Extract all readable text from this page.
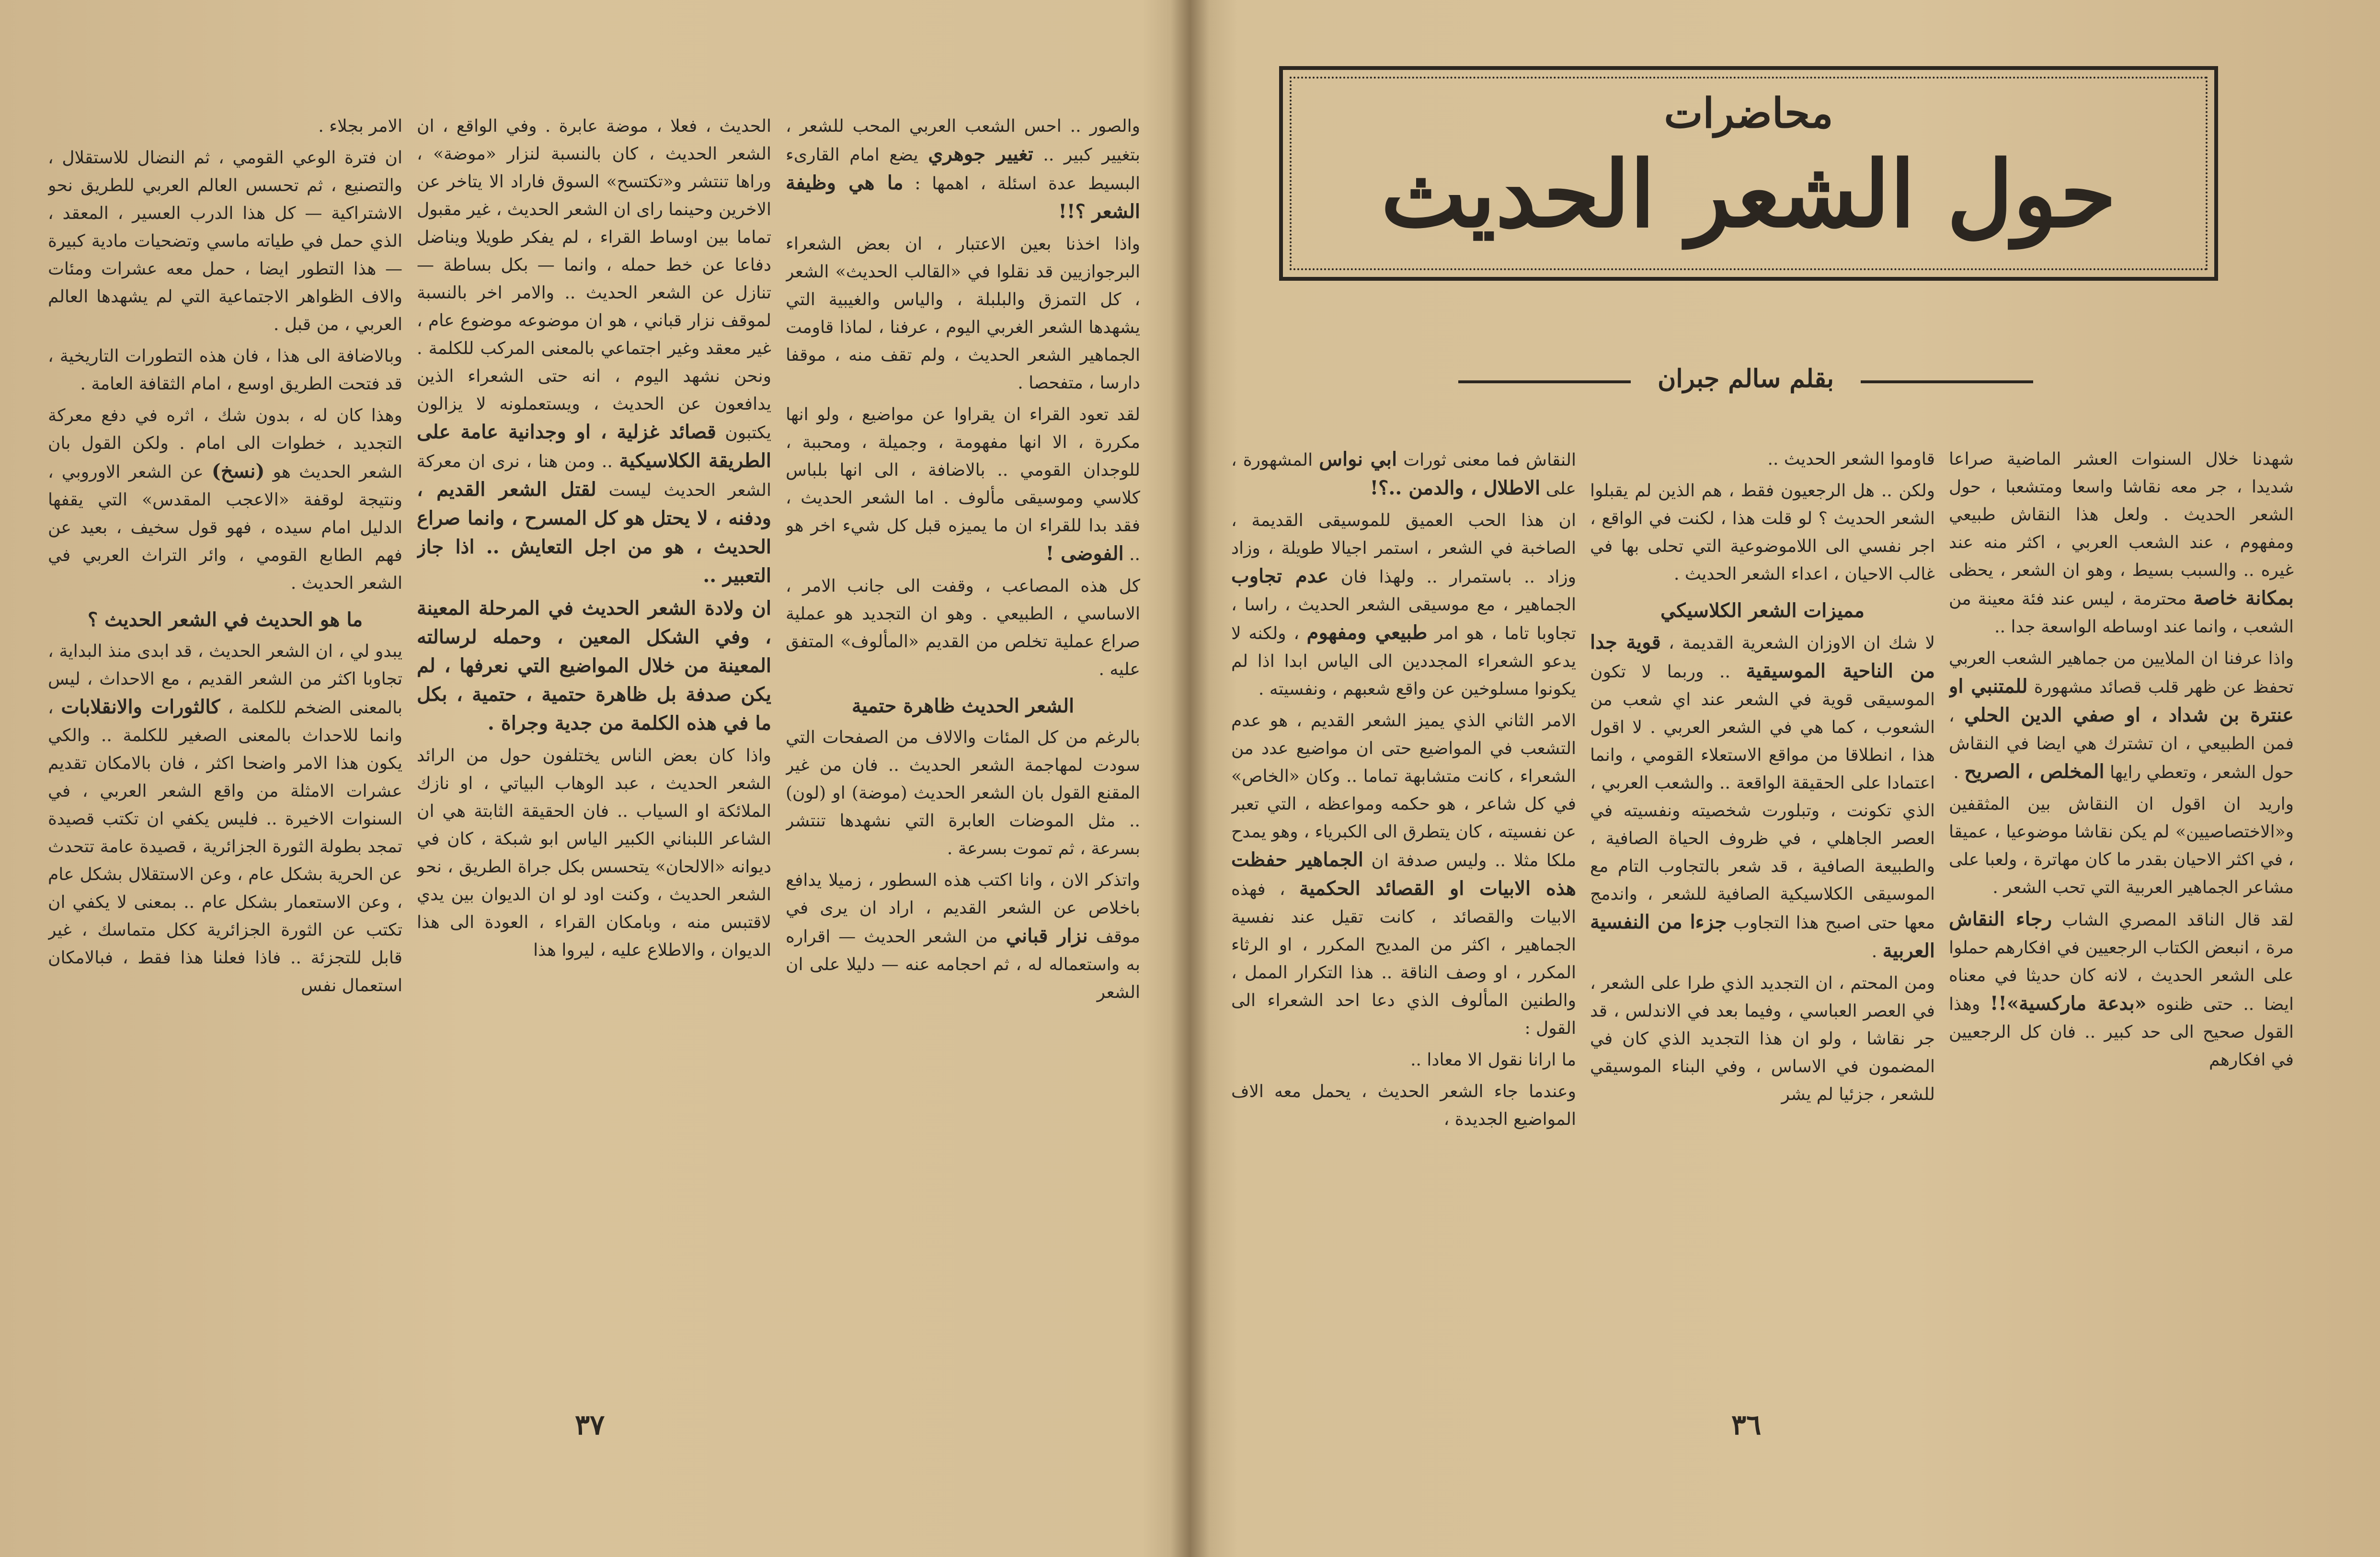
والصور .. احس الشعب العربي المحب للشعر ، بتغيير كبير .. تغيير جوهري يضع امام القارىء البسيط عدة اسئلة ، اهمها : ما هي وظيفة الشعر ؟!!

واذا اخذنا بعين الاعتبار ، ان بعض الشعراء البرجوازيين قد نقلوا في «القالب الحديث» الشعر ، كل التمزق والبلبلة ، والياس والغيبية التي يشهدها الشعر الغربي اليوم ، عرفنا ، لماذا قاومت الجماهير الشعر الحديث ، ولم تقف منه ، موقفا دارسا ، متفحصا .

لقد تعود القراء ان يقراوا عن مواضيع ، ولو انها مكررة ، الا انها مفهومة ، وجميلة ، ومحببة ، للوجدان القومي .. بالاضافة ، الى انها بلباس كلاسي وموسيقى مألوف . اما الشعر الحديث ، فقد بدا للقراء ان ما يميزه قبل كل شيء اخر هو .. الفوضى !

كل هذه المصاعب ، وقفت الى جانب الامر ، الاساسي ، الطبيعي . وهو ان التجديد هو عملية صراع عملية تخلص من القديم «المألوف» المتفق عليه .

الشعر الحديث ظاهرة حتمية

بالرغم من كل المئات والالاف من الصفحات التي سودت لمهاجمة الشعر الحديث .. فان من غير المقنع القول بان الشعر الحديث (موضة) او (لون) .. مثل الموضات العابرة التي نشهدها تنتشر بسرعة ، ثم تموت بسرعة .

واتذكر الان ، وانا اكتب هذه السطور ، زميلا يدافع باخلاص عن الشعر القديم ، اراد ان يرى في موقف نزار قباني من الشعر الحديث — اقراره به واستعماله له ، ثم احجامه عنه — دليلا على ان الشعر

الحديث ، فعلا ، موضة عابرة . وفي الواقع ، ان الشعر الحديث ، كان بالنسبة لنزار «موضة» ، وراها تنتشر و«تكتسح» السوق فاراد الا يتاخر عن الاخرين وحينما راى ان الشعر الحديث ، غير مقبول تماما بين اوساط القراء ، لم يفكر طويلا ويناضل دفاعا عن خط حمله ، وانما — بكل بساطة — تنازل عن الشعر الحديث .. والامر اخر بالنسبة لموقف نزار قباني ، هو ان موضوعه موضوع عام ، غير معقد وغير اجتماعي بالمعنى المركب للكلمة . ونحن نشهد اليوم ، انه حتى الشعراء الذين يدافعون عن الحديث ، ويستعملونه لا يزالون يكتبون قصائد غزلية ، او وجدانية عامة على الطريقة الكلاسيكية .. ومن هنا ، نرى ان معركة الشعر الحديث ليست لقتل الشعر القديم ، ودفنه ، لا يحتل هو كل المسرح ، وانما صراع الحديث ، هو من اجل التعايش .. اذا جاز التعبير ..

ان ولادة الشعر الحديث في المرحلة المعينة ، وفي الشكل المعين ، وحمله لرسالته المعينة من خلال المواضيع التي نعرفها ، لم يكن صدفة بل ظاهرة حتمية ، حتمية ، بكل ما في هذه الكلمة من جدية وجراة .

واذا كان بعض الناس يختلفون حول من الرائد الشعر الحديث ، عبد الوهاب البياتي ، او نازك الملائكة او السياب .. فان الحقيقة الثابتة هي ان الشاعر اللبناني الكبير الياس ابو شبكة ، كان في ديوانه «الالحان» يتحسس بكل جراة الطريق ، نحو الشعر الحديث ، وكنت اود لو ان الديوان بين يدي لاقتبس منه ، وبامكان القراء ، العودة الى هذا الديوان ، والاطلاع عليه ، ليروا هذا

الامر بجلاء .

ان فترة الوعي القومي ، ثم النضال للاستقلال ، والتصنيع ، ثم تحسس العالم العربي للطريق نحو الاشتراكية — كل هذا الدرب العسير ، المعقد ، الذي حمل في طياته ماسي وتضحيات مادية كبيرة — هذا التطور ايضا ، حمل معه عشرات ومئات والاف الظواهر الاجتماعية التي لم يشهدها العالم العربي ، من قبل .

وبالاضافة الى هذا ، فان هذه التطورات التاريخية ، قد فتحت الطريق اوسع ، امام الثقافة العامة .

وهذا كان له ، بدون شك ، اثره في دفع معركة التجديد ، خطوات الى امام . ولكن القول بان الشعر الحديث هو (نسخ) عن الشعر الاوروبي ، ونتيجة لوقفة «الاعجب المقدس» التي يقفها الدليل امام سيده ، فهو قول سخيف ، بعيد عن فهم الطابع القومي ، وائر التراث العربي في الشعر الحديث .

ما هو الحديث في الشعر الحديث ؟

يبدو لي ، ان الشعر الحديث ، قد ابدى منذ البداية ، تجاوبا اكثر من الشعر القديم ، مع الاحداث ، ليس بالمعنى الضخم للكلمة ، كالثورات والانقلابات ، وانما للاحداث بالمعنى الصغير للكلمة .. والكي يكون هذا الامر واضحا اكثر ، فان بالامكان تقديم عشرات الامثلة من واقع الشعر العربي ، في السنوات الاخيرة .. فليس يكفي ان تكتب قصيدة تمجد بطولة الثورة الجزائرية ، قصيدة عامة تتحدث عن الحرية بشكل عام ، وعن الاستقلال بشكل عام ، وعن الاستعمار بشكل عام .. بمعنى لا يكفي ان تكتب عن الثورة الجزائرية ككل متماسك ، غير قابل للتجزئة .. فاذا فعلنا هذا فقط ، فبالامكان استعمال نفس

٣٧
محاضرات
حول الشعر الحديث
بقلم سالم جبران

شهدنا خلال السنوات العشر الماضية صراعا شديدا ، جر معه نقاشا واسعا ومتشعبا ، حول الشعر الحديث . ولعل هذا النقاش طبيعي ومفهوم ، عند الشعب العربي ، اكثر منه عند غيره .. والسبب بسيط ، وهو ان الشعر ، يحظى بمكانة خاصة محترمة ، ليس عند فئة معينة من الشعب ، وانما عند اوساطه الواسعة جدا ..

واذا عرفنا ان الملايين من جماهير الشعب العربي تحفظ عن ظهر قلب قصائد مشهورة للمتنبي او عنترة بن شداد ، او صفي الدين الحلي ، فمن الطبيعي ، ان تشترك هي ايضا في النقاش حول الشعر ، وتعطي رايها المخلص ، الصريح .

واريد ان اقول ان النقاش بين المثقفين و«الاختصاصيين» لم يكن نقاشا موضوعيا ، عميقا ، في اكثر الاحيان بقدر ما كان مهاترة ، ولعبا على مشاعر الجماهير العربية التي تحب الشعر .

لقد قال الناقد المصري الشاب رجاء النقاش مرة ، انبعض الكتاب الرجعيين في افكارهم حملوا على الشعر الحديث ، لانه كان حديثا في معناه ايضا .. حتى ظنوه «بدعة ماركسية»!! وهذا القول صحيح الى حد كبير .. فان كل الرجعيين في افكارهم

قاوموا الشعر الحديث ..

ولكن .. هل الرجعيون فقط ، هم الذين لم يقبلوا الشعر الحديث ؟ لو قلت هذا ، لكنت في الواقع ، اجر نفسي الى اللاموضوعية التي تحلى بها في غالب الاحيان ، اعداء الشعر الحديث .

مميزات الشعر الكلاسيكي

لا شك ان الاوزان الشعرية القديمة ، قوية جدا من الناحية الموسيقية .. وربما لا تكون الموسيقى قوية في الشعر عند اي شعب من الشعوب ، كما هي في الشعر العربي . لا اقول هذا ، انطلاقا من مواقع الاستعلاء القومي ، وانما اعتمادا على الحقيقة الواقعة .. والشعب العربي ، الذي تكونت ، وتبلورت شخصيته ونفسيته في العصر الجاهلي ، في ظروف الحياة الصافية ، والطبيعة الصافية ، قد شعر بالتجاوب التام مع الموسيقى الكلاسيكية الصافية للشعر ، واندمج معها حتى اصبح هذا التجاوب جزءا من النفسية العربية .

ومن المحتم ، ان التجديد الذي طرا على الشعر ، في العصر العباسي ، وفيما بعد في الاندلس ، قد جر نقاشا ، ولو ان هذا التجديد الذي كان في المضمون في الاساس ، وفي البناء الموسيقي للشعر ، جزئيا لم يشر

النقاش فما معنى ثورات ابي نواس المشهورة ، على الاطلال ، والدمن ..؟!

ان هذا الحب العميق للموسيقى القديمة ، الصاخبة في الشعر ، استمر اجيالا طويلة ، وزاد وزاد .. باستمرار .. ولهذا فان عدم تجاوب الجماهير ، مع موسيقى الشعر الحديث ، راسا ، تجاوبا تاما ، هو امر طبيعي ومفهوم ، ولكنه لا يدعو الشعراء المجددين الى الياس ابدا اذا لم يكونوا مسلوخين عن واقع شعبهم ، ونفسيته .

الامر الثاني الذي يميز الشعر القديم ، هو عدم التشعب في المواضيع حتى ان مواضيع عدد من الشعراء ، كانت متشابهة تماما .. وكان «الخاص» في كل شاعر ، هو حكمه ومواعظه ، التي تعبر عن نفسيته ، كان يتطرق الى الكبرياء ، وهو يمدح ملكا مثلا .. وليس صدفة ان الجماهير حفظت هذه الابيات او القصائد الحكمية ، فهذه الابيات والقصائد ، كانت تقيل عند نفسية الجماهير ، اكثر من المديح المكرر ، او الرثاء المكرر ، او وصف الناقة .. هذا التكرار الممل ، والطنين المألوف الذي دعا احد الشعراء الى القول :

ما ارانا نقول الا معادا ..

وعندما جاء الشعر الحديث ، يحمل معه الاف المواضيع الجديدة ،

٣٦
